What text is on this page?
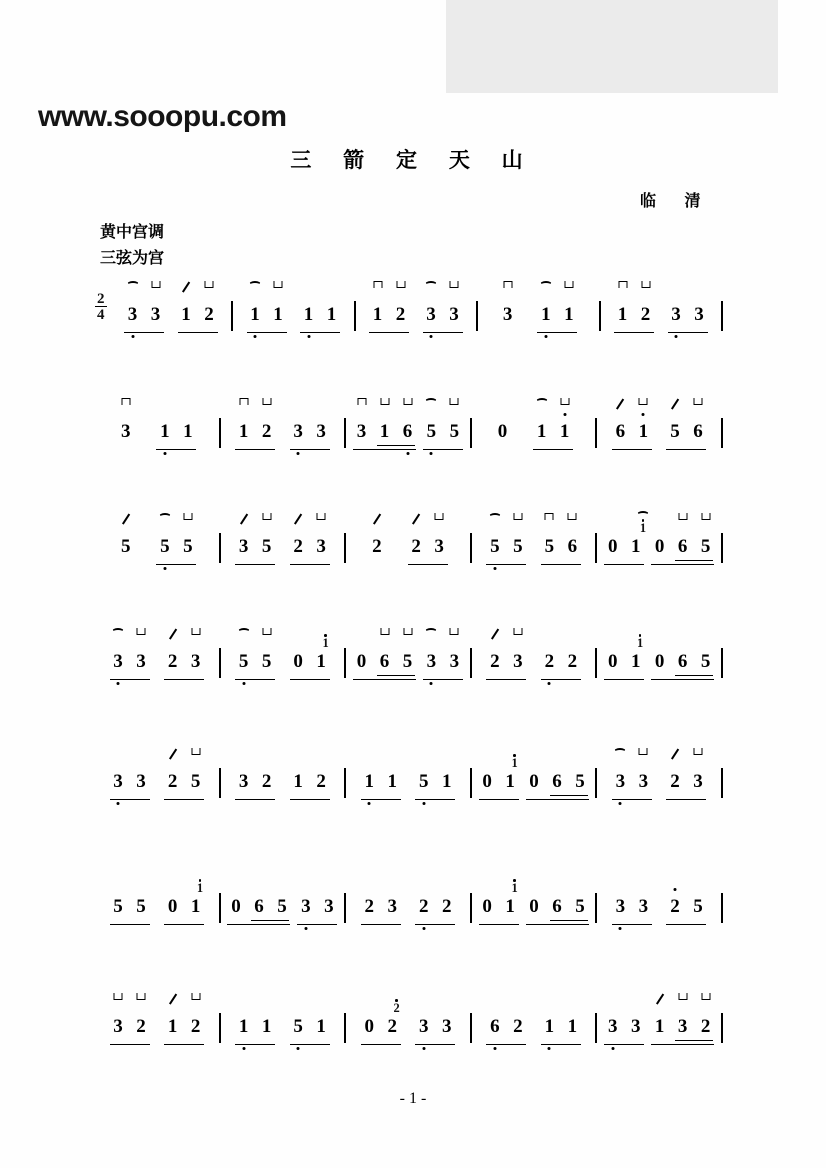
www.sooopu.com
三 箭 定 天 山
临 清
黄中宫调
三弦为宫
$\frac{2}{4} 3$ 3 1 2 1 1 1 1 1 2 3 3 3 1 1 1 2 3 3
3 1 1 1 2 3 3 3 1 6 5 5 0 1 1 6 1 5 6
5 5 5 3 5 2 3 2 2 3 5 5 5 6 0 1
1
0 6 5
3 3 2 3 5 5 0 1
1
0 6 5 3 3 2 3 2 2 0 1
1
0 6 5
3 3 2 5 3 2 1 2 1 1 5 1 0 1
1
0 6 5 3 3 2 3
5 5 0 1
1
0 6 5 3 3 2 3 2 2 0 1
1
0 6 5 3 3 2 5
3 2 1 2 1 1 5 1 0 2
2
3 3 6 2 1 1 3 3 1 3 2
- 1 -
